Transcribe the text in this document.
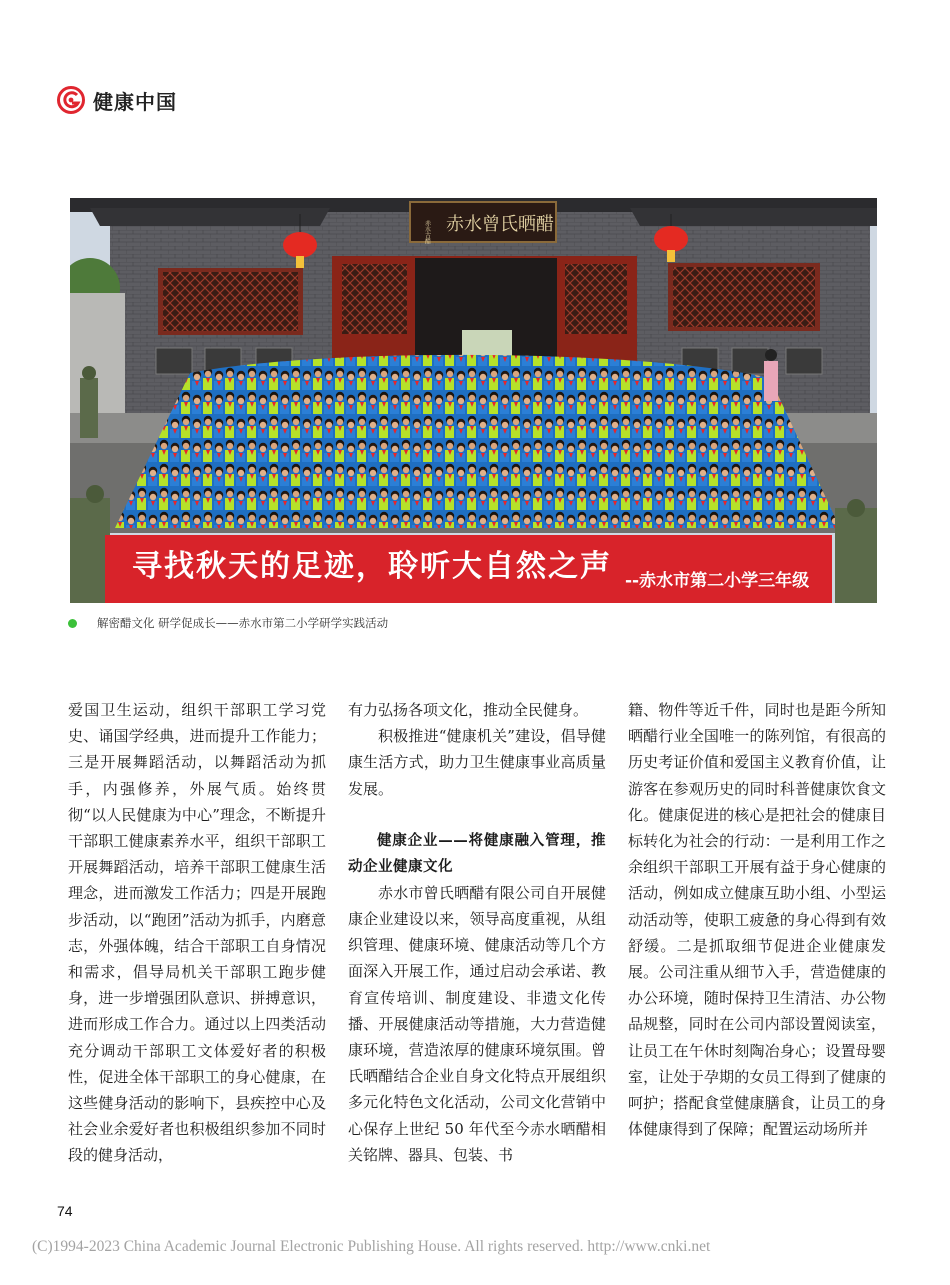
健康中国
赤水曾氏晒醋
赤水古醋
寻找秋天的足迹，聆听大自然之声 --赤水市第二小学三年级
解密醋文化 研学促成长——赤水市第二小学研学实践活动

爱国卫生运动，组织干部职工学习党史、诵国学经典，进而提升工作能力；三是开展舞蹈活动，以舞蹈活动为抓手，内强修养，外展气质。始终贯彻“以人民健康为中心”理念，不断提升干部职工健康素养水平，组织干部职工开展舞蹈活动，培养干部职工健康生活理念，进而激发工作活力；四是开展跑步活动，以“跑团”活动为抓手，内磨意志，外强体魄，结合干部职工自身情况和需求，倡导局机关干部职工跑步健身，进一步增强团队意识、拼搏意识，进而形成工作合力。通过以上四类活动充分调动干部职工文体爱好者的积极性，促进全体干部职工的身心健康，在这些健身活动的影响下，县疾控中心及社会业余爱好者也积极组织参加不同时段的健身活动，

有力弘扬各项文化，推动全民健身。

积极推进“健康机关”建设，倡导健康生活方式，助力卫生健康事业高质量发展。

健康企业——将健康融入管理，推动企业健康文化

赤水市曾氏晒醋有限公司自开展健康企业建设以来，领导高度重视，从组织管理、健康环境、健康活动等几个方面深入开展工作，通过启动会承诺、教育宣传培训、制度建设、非遗文化传播、开展健康活动等措施，大力营造健康环境，营造浓厚的健康环境氛围。曾氏晒醋结合企业自身文化特点开展组织多元化特色文化活动，公司文化营销中心保存上世纪 50 年代至今赤水晒醋相关铭牌、器具、包装、书

籍、物件等近千件，同时也是距今所知晒醋行业全国唯一的陈列馆，有很高的历史考证价值和爱国主义教育价值，让游客在参观历史的同时科普健康饮食文化。健康促进的核心是把社会的健康目标转化为社会的行动：一是利用工作之余组织干部职工开展有益于身心健康的活动，例如成立健康互助小组、小型运动活动等，使职工疲惫的身心得到有效舒缓。二是抓取细节促进企业健康发展。公司注重从细节入手，营造健康的办公环境，随时保持卫生清洁、办公物品规整，同时在公司内部设置阅读室，让员工在午休时刻陶冶身心；设置母婴室，让处于孕期的女员工得到了健康的呵护；搭配食堂健康膳食，让员工的身体健康得到了保障；配置运动场所并

74
(C)1994-2023 China Academic Journal Electronic Publishing House. All rights reserved. http://www.cnki.net
